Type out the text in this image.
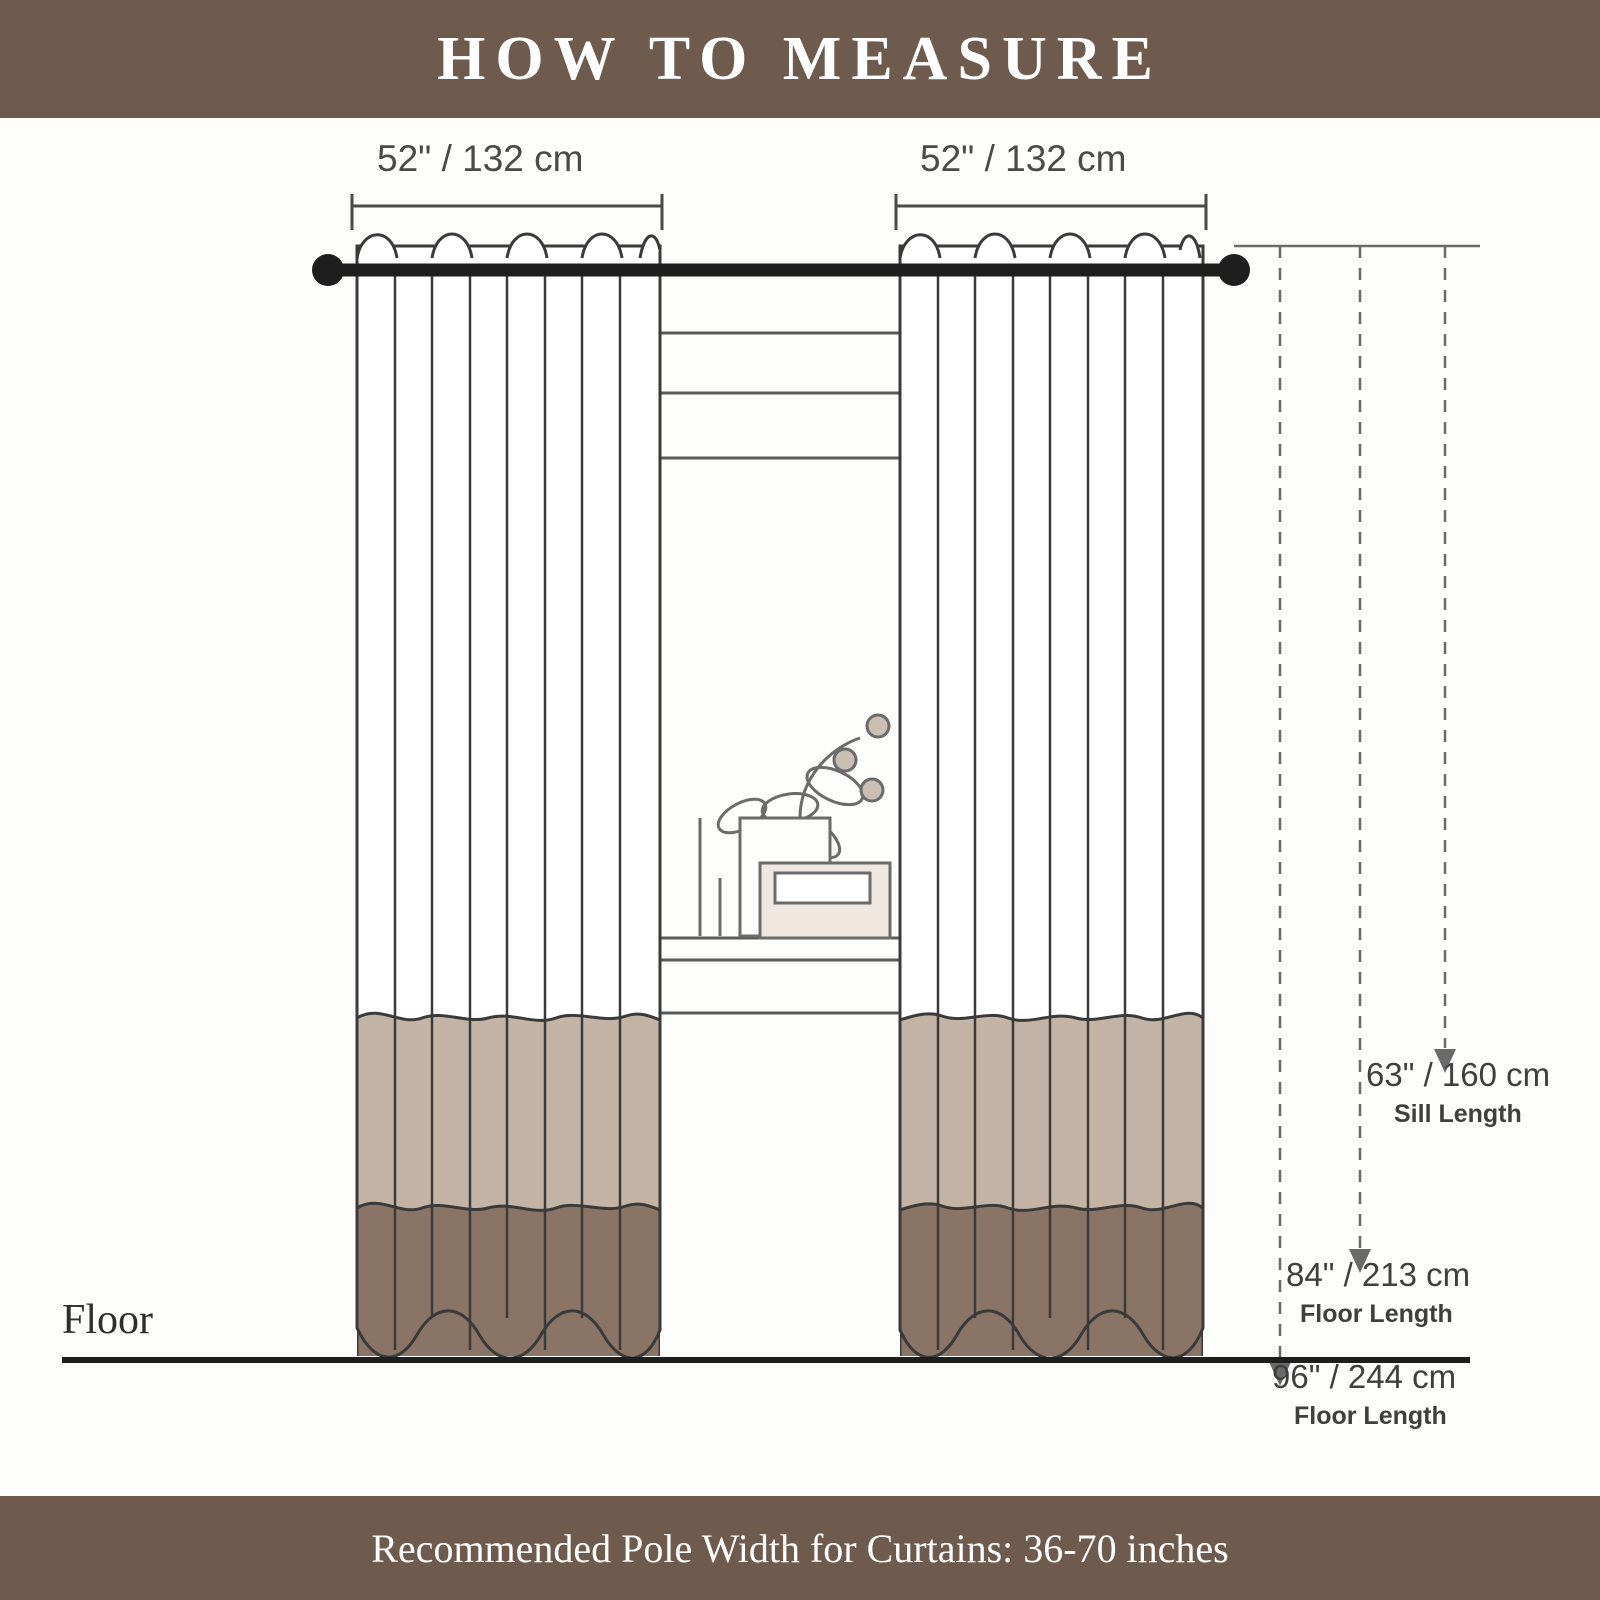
HOW TO MEASURE
52" / 132 cm	52" / 132 cm
63" / 160 cm
Sill Length
84" / 213 cm
Floor Length
96" / 244 cm
Floor Length
Floor
Recommended Pole Width for Curtains: 36-70 inches
